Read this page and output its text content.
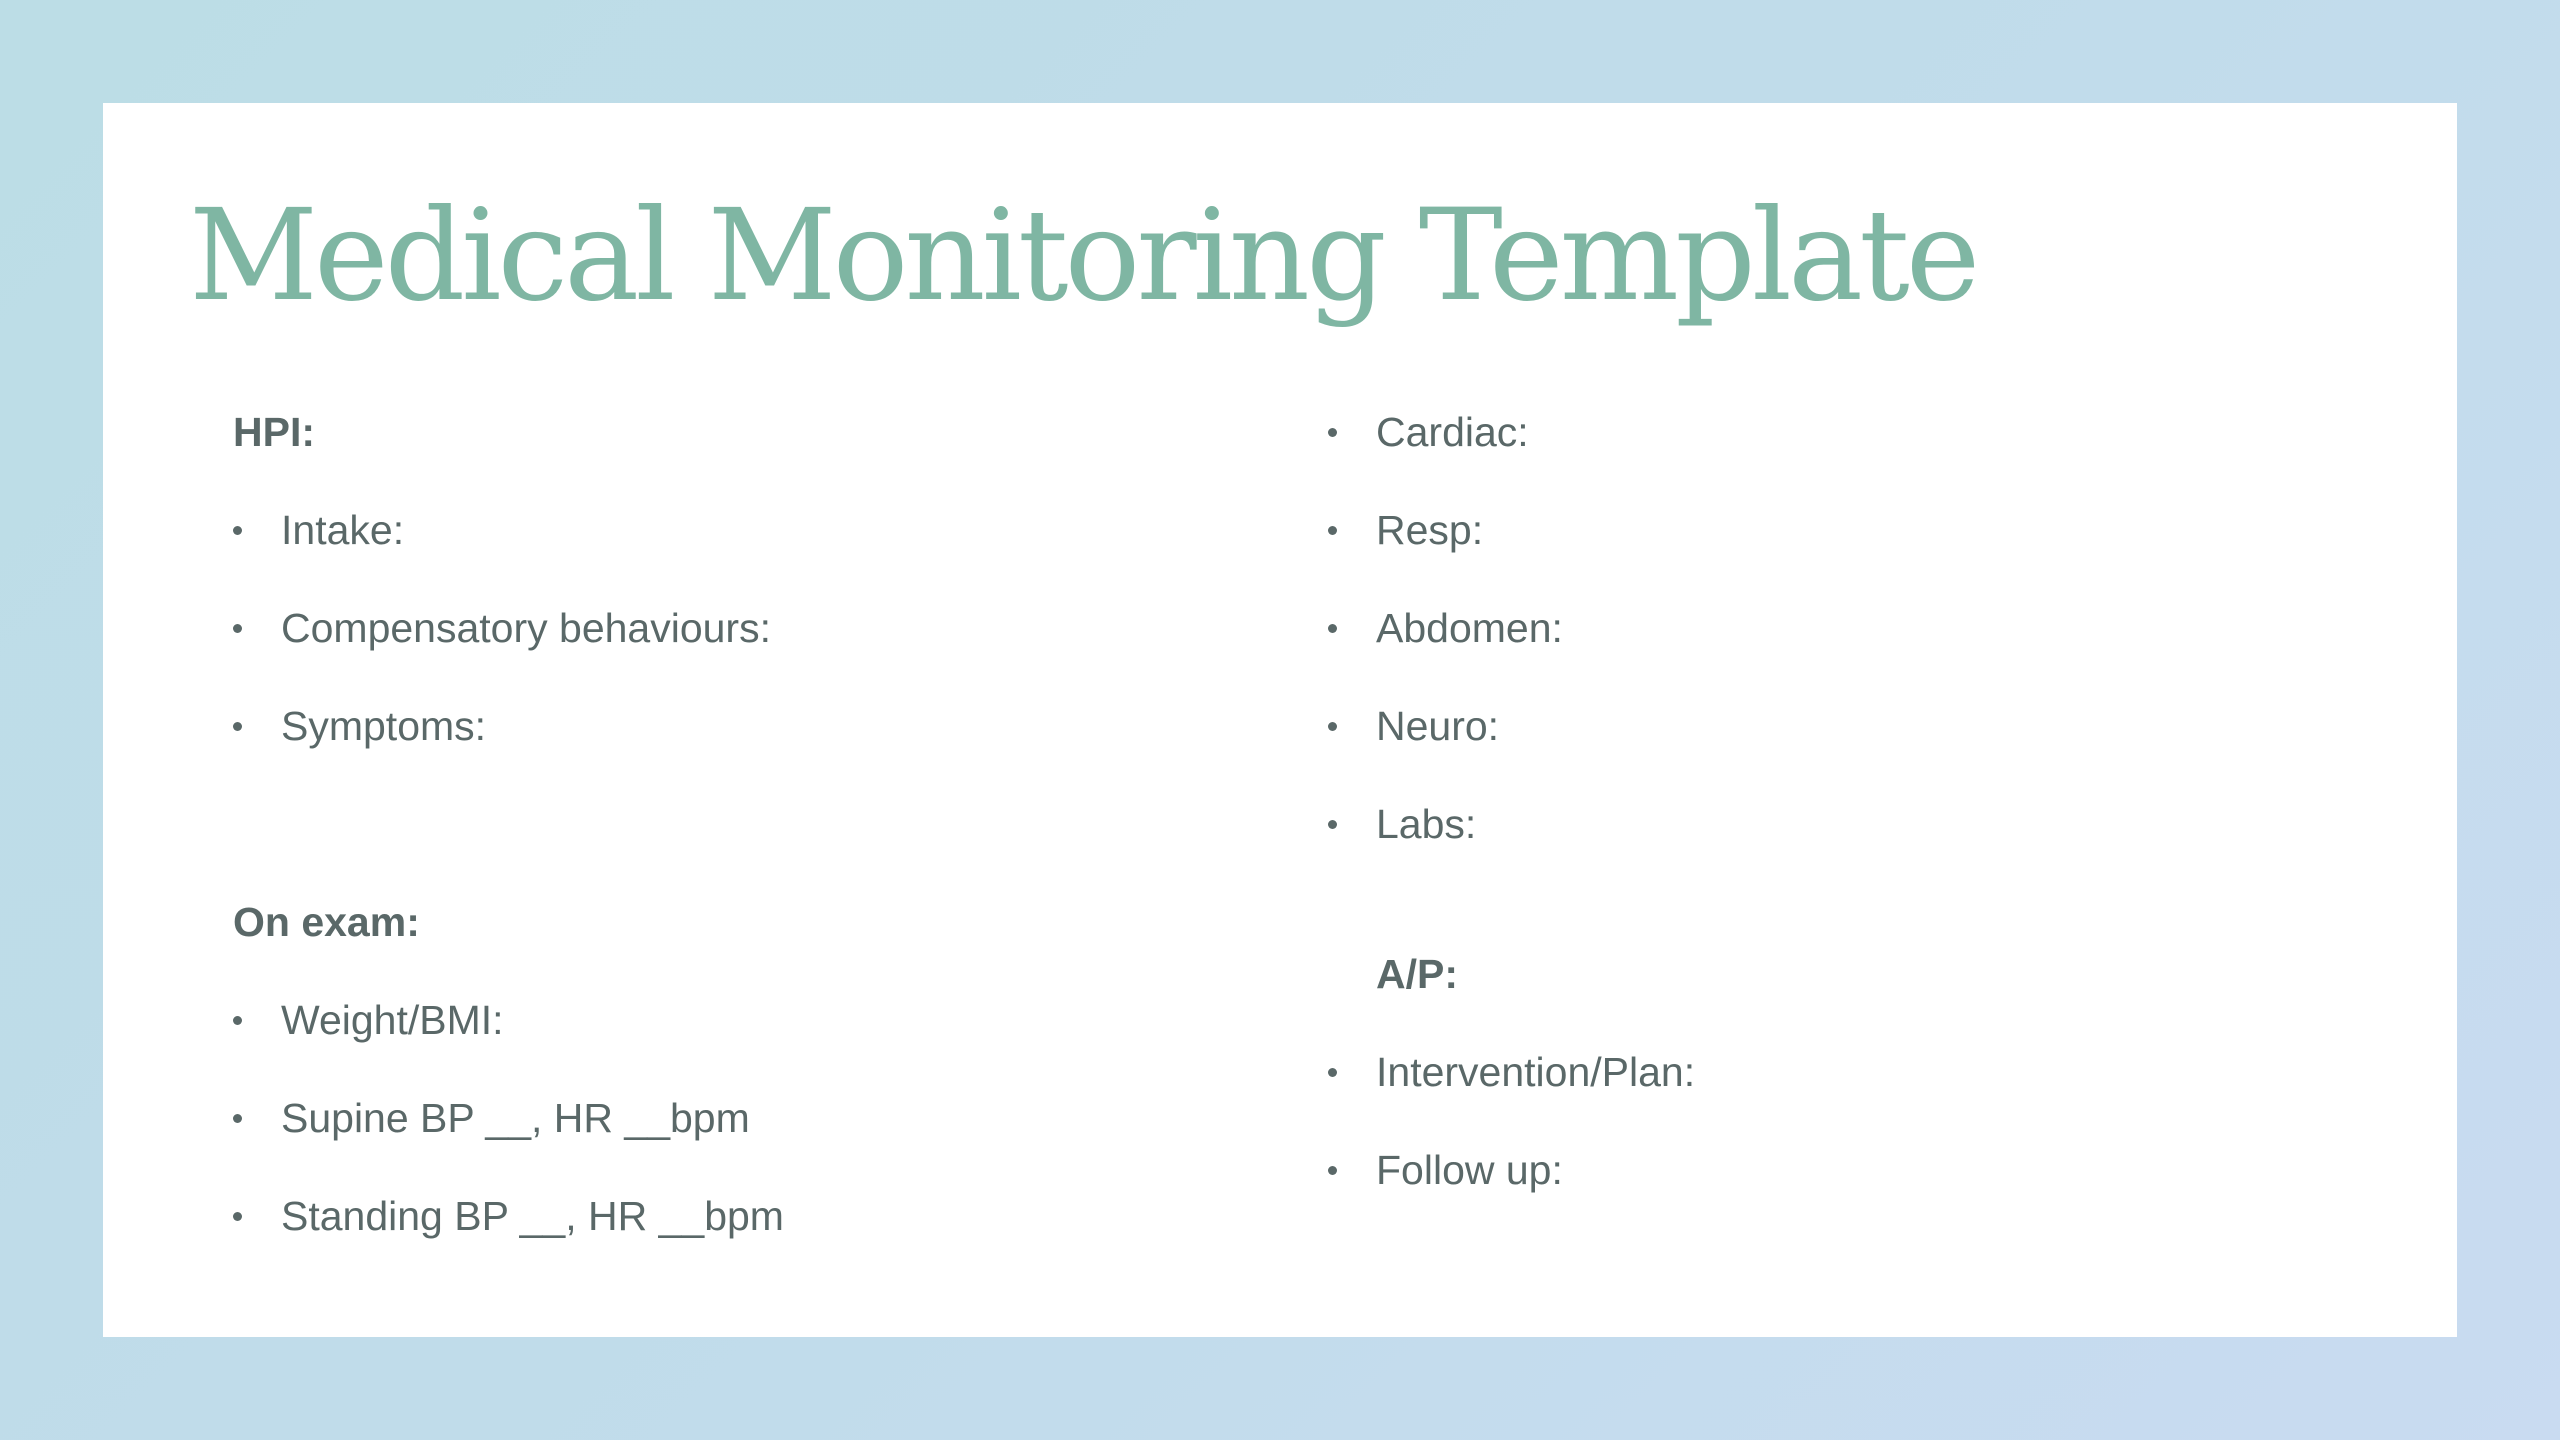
Medical Monitoring Template
HPI:
Intake:
Compensatory behaviours:
Symptoms:
On exam:
Weight/BMI:
Supine BP __, HR __bpm
Standing BP __, HR __bpm
Cardiac:
Resp:
Abdomen:
Neuro:
Labs:
A/P:
Intervention/Plan:
Follow up:
